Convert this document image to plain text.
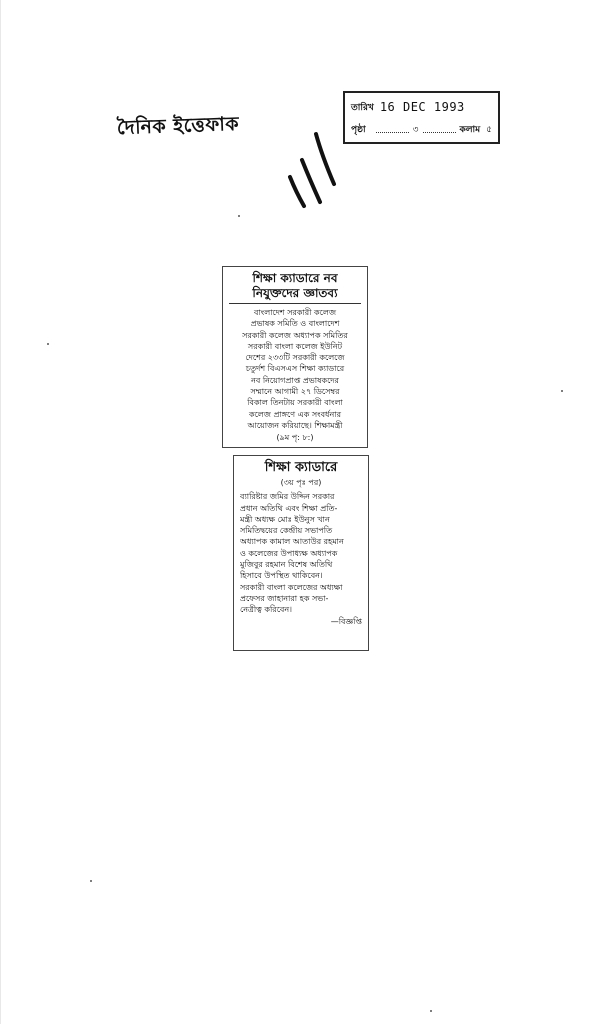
দৈনিক ইত্তেফাক
তারিখ 16 DEC 1993
পৃষ্ঠা	৩	কলাম ৫
শিক্ষা ক্যাডারে নব
নিযুক্তদের জ্ঞাতব্য
বাংলাদেশ সরকারী কলেজ
প্রভাষক সমিতি ও বাংলাদেশ
সরকারী কলেজ অধ্যাপক সমিতির
সরকারী বাংলা কলেজ ইউনিট
দেশের ২৩৩টি সরকারী কলেজে
চতুর্দশ বিএসএস শিক্ষা ক্যাডারে
নব নিয়োগপ্রাপ্ত প্রভাষকদের
সম্মানে আগামী ২৭ ডিসেম্বর
বিকাল তিনটায় সরকারী বাংলা
কলেজ প্রাঙ্গণে এক সংবর্ধনার
আয়োজন করিয়াছে। শিক্ষামন্ত্রী
(৯ম পৃ: ৮:)
শিক্ষা ক্যাডারে
(৩য় পৃঃ পর)
ব্যারিষ্টার জমির উদ্দিন সরকার
প্রধান অতিথি এবং শিক্ষা প্রতি-
মন্ত্রী অধ্যক্ষ মোঃ ইউনুস খান
সমিতিদ্বয়ের কেন্দ্রীয় সভাপতি
অধ্যাপক কামাল আতাউর রহমান
ও কলেজের উপাধ্যক্ষ অধ্যাপক
মুজিবুর রহমান বিশেষ অতিথি
হিসাবে উপস্থিত থাকিবেন।
সরকারী বাংলা কলেজের অধ্যক্ষা
প্রফেসর জাহানারা হক সভা-
নেত্রীত্ব করিবেন।
—বিজ্ঞপ্তি
